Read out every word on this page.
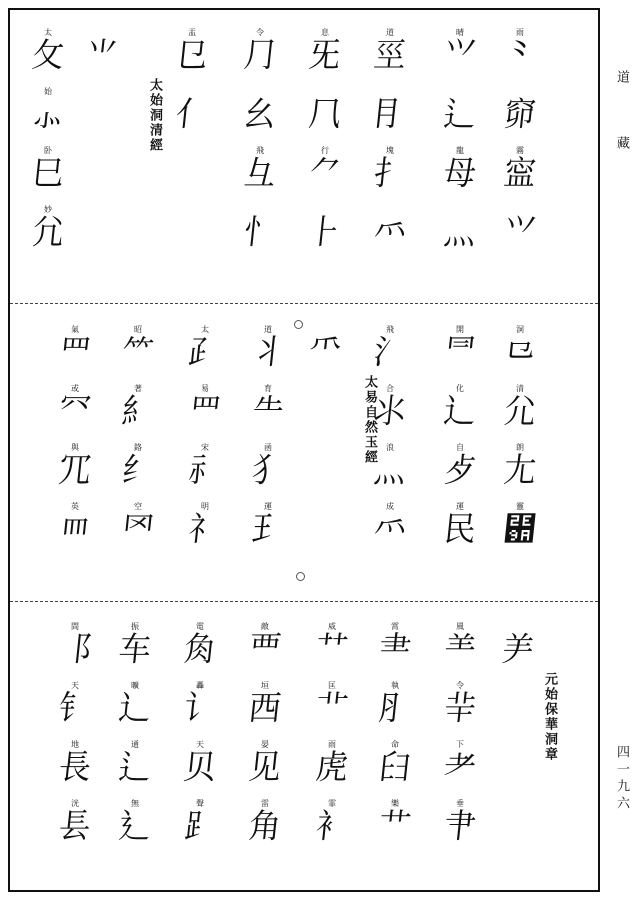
道　藏
四一九六
雨
⺀
窌
霧
寍
⺍
晴
⺍
⻍
龍
⺟
⺣
道
巠
⺝
塊
⺘
⺤
息
⺛
⺇
行
⺈
⺊
令
⺆
⺓
飛
⺔
⺖
盂
㔾
⺅
太始洞清經
⺌
太
⺙
始
⺗
卧
⺒
妙
⺑
洞
⺋
清
⺏
朗
⺐
靈
⺚
開
⺜
化
⻌
自
⺞
運
⺠
飛
⺡
合
⺢
浪
⺣
成
⺤
太易自然玉經
⺥
道
⺦
育
⺧
函
⺨
運
⺩
太
⺪
易
⺫
宋
⺬
明
⺭
昭
⺮
著
⺯
鉻
⺰
空
⺱
氣
⺲
或
⺳
與
⺴
英
⺵
元始保華洞章
⺶
風
⺷
令
⺸
下
⺹
垂
⺺
霄
⺻
執
⺼
命
⺽
樂
⺾
威
⺿
匡
⻀
雨
⻁
霏
⻂
敵
⻃
垣
⻄
晏
⻅
雷
⻆
電
⻇
轟
⻈
天
⻉
聲
⻊
振
⻋
曠
⻌
通
⻍
無
⻎
間
⻏
天
⻐
地
⻑
洸
⻒
